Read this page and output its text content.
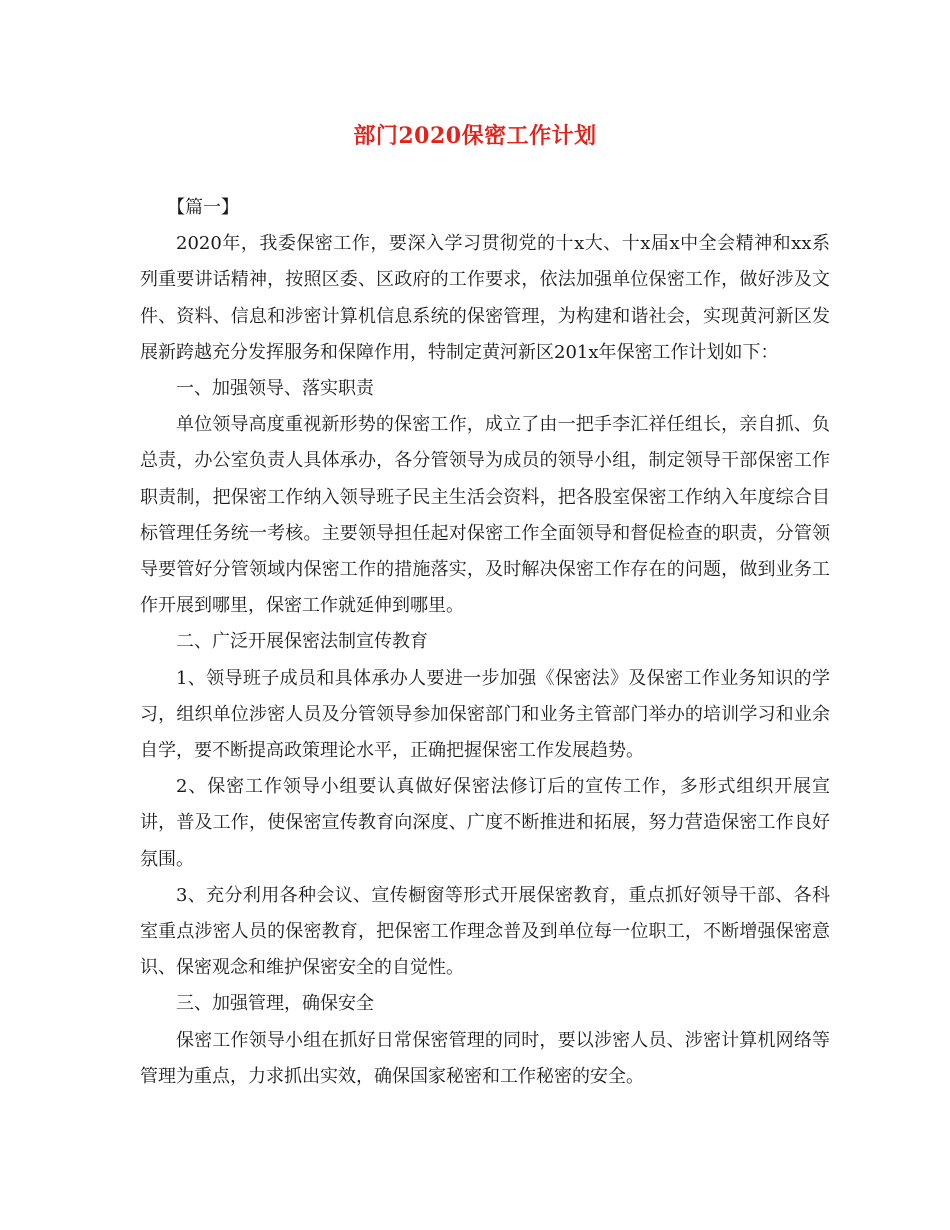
部门2020保密工作计划

【篇一】

2020年，我委保密工作，要深入学习贯彻党的十x大、十x届x中全会精神和xx系列重要讲话精神，按照区委、区政府的工作要求，依法加强单位保密工作，做好涉及文件、资料、信息和涉密计算机信息系统的保密管理，为构建和谐社会，实现黄河新区发展新跨越充分发挥服务和保障作用，特制定黄河新区201x年保密工作计划如下：

一、加强领导、落实职责

单位领导高度重视新形势的保密工作，成立了由一把手李汇祥任组长，亲自抓、负总责，办公室负责人具体承办，各分管领导为成员的领导小组，制定领导干部保密工作职责制，把保密工作纳入领导班子民主生活会资料，把各股室保密工作纳入年度综合目标管理任务统一考核。主要领导担任起对保密工作全面领导和督促检查的职责，分管领导要管好分管领域内保密工作的措施落实，及时解决保密工作存在的问题，做到业务工作开展到哪里，保密工作就延伸到哪里。

二、广泛开展保密法制宣传教育

1、领导班子成员和具体承办人要进一步加强《保密法》及保密工作业务知识的学习，组织单位涉密人员及分管领导参加保密部门和业务主管部门举办的培训学习和业余自学，要不断提高政策理论水平，正确把握保密工作发展趋势。

2、保密工作领导小组要认真做好保密法修订后的宣传工作，多形式组织开展宣讲，普及工作，使保密宣传教育向深度、广度不断推进和拓展，努力营造保密工作良好氛围。

3、充分利用各种会议、宣传橱窗等形式开展保密教育，重点抓好领导干部、各科室重点涉密人员的保密教育，把保密工作理念普及到单位每一位职工，不断增强保密意识、保密观念和维护保密安全的自觉性。

三、加强管理，确保安全

保密工作领导小组在抓好日常保密管理的同时，要以涉密人员、涉密计算机网络等管理为重点，力求抓出实效，确保国家秘密和工作秘密的安全。
